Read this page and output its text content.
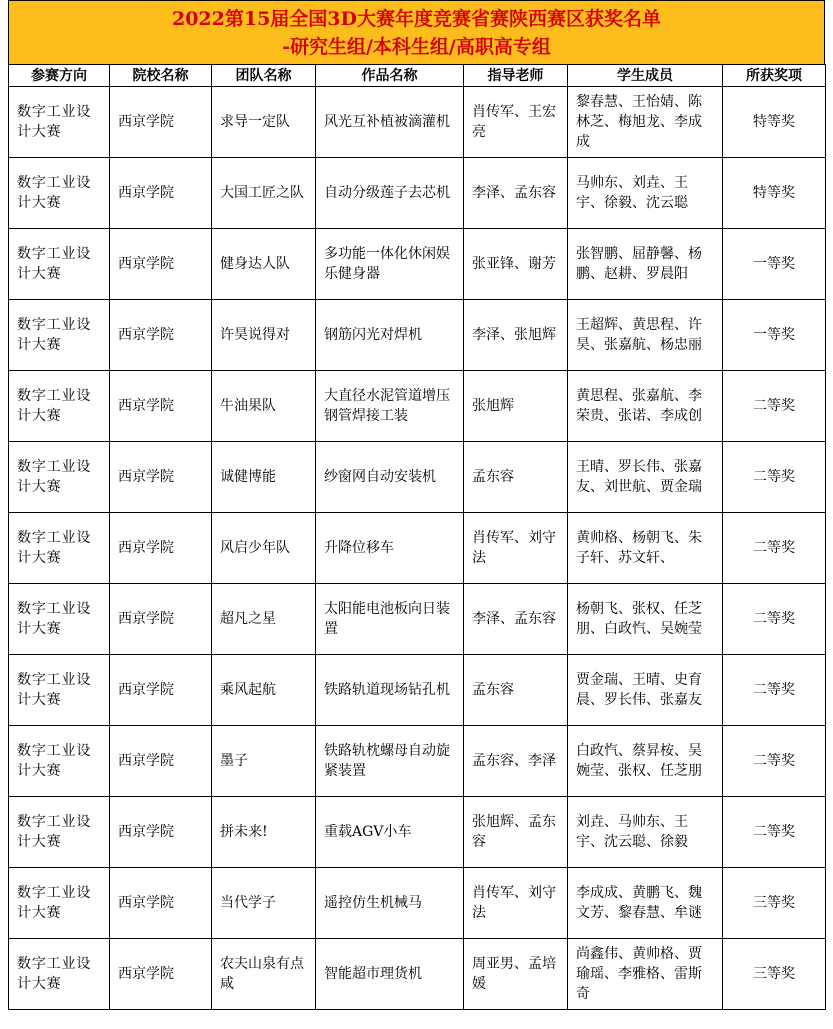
2022第15届全国3D大赛年度竞赛省赛陕西赛区获奖名单
-研究生组/本科生组/高职高专组
参赛方向	院校名称	团队名称	作品名称	指导老师	学生成员	所获奖项
数字工业设计大赛	西京学院	求导一定队	风光互补植被滴灌机	肖传军、王宏亮	黎春慧、王怡婧、陈林芝、梅旭龙、李成成	特等奖
数字工业设计大赛	西京学院	大国工匠之队	自动分级莲子去芯机	李泽、孟东容	马帅东、刘垚、王宇、徐毅、沈云聪	特等奖
数字工业设计大赛	西京学院	健身达人队	多功能一体化休闲娱乐健身器	张亚锋、谢芳	张智鹏、屈静馨、杨鹏、赵耕、罗晨阳	一等奖
数字工业设计大赛	西京学院	许昊说得对	钢筋闪光对焊机	李泽、张旭辉	王超辉、黄思程、许昊、张嘉航、杨忠丽	一等奖
数字工业设计大赛	西京学院	牛油果队	大直径水泥管道增压钢管焊接工装	张旭辉	黄思程、张嘉航、李荣贵、张诺、李成创	二等奖
数字工业设计大赛	西京学院	诚健博能	纱窗网自动安装机	孟东容	王晴、罗长伟、张嘉友、刘世航、贾金瑞	二等奖
数字工业设计大赛	西京学院	风启少年队	升降位移车	肖传军、刘守法	黄帅格、杨朝飞、朱子轩、苏文轩、	二等奖
数字工业设计大赛	西京学院	超凡之星	太阳能电池板向日装置	李泽、孟东容	杨朝飞、张权、任芝朋、白政忾、吴婉莹	二等奖
数字工业设计大赛	西京学院	乘风起航	铁路轨道现场钻孔机	孟东容	贾金瑞、王晴、史育晨、罗长伟、张嘉友	二等奖
数字工业设计大赛	西京学院	墨子	铁路轨枕螺母自动旋紧装置	孟东容、李泽	白政忾、蔡昇桉、吴婉莹、张权、任芝朋	二等奖
数字工业设计大赛	西京学院	拼未来!	重载AGV小车	张旭辉、孟东容	刘垚、马帅东、王宇、沈云聪、徐毅	二等奖
数字工业设计大赛	西京学院	当代学子	遥控仿生机械马	肖传军、刘守法	李成成、黄鹏飞、魏文芳、黎春慧、牟谜	三等奖
数字工业设计大赛	西京学院	农夫山泉有点咸	智能超市理货机	周亚男、孟培媛	尚鑫伟、黄帅格、贾瑜瑶、李雅格、雷斯奇	三等奖
